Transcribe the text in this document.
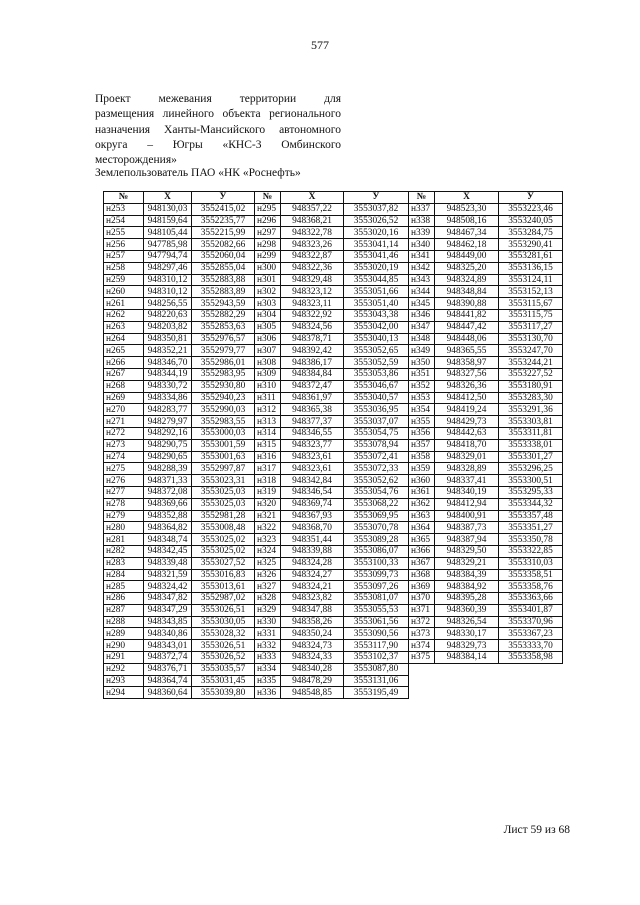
577
Проект межевания территории для
размещения линейного объекта регионального
назначения Ханты-Мансийского автономного
округа – Югры «КНС-3 Омбинского
месторождения»
Землепользователь ПАО «НК «Роснефть»
№	X	У	№	X	У	№	X	У
н253	948130,03	3552415,02	н295	948357,22	3553037,82	н337	948523,30	3553223,46
н254	948159,64	3552235,77	н296	948368,21	3553026,52	н338	948508,16	3553240,05
н255	948105,44	3552215,99	н297	948322,78	3553020,16	н339	948467,34	3553284,75
н256	947785,98	3552082,66	н298	948323,26	3553041,14	н340	948462,18	3553290,41
н257	947794,74	3552060,04	н299	948322,87	3553041,46	н341	948449,00	3553281,61
н258	948297,46	3552855,04	н300	948322,36	3553020,19	н342	948325,20	3553136,15
н259	948310,12	3552883,88	н301	948329,48	3553044,85	н343	948324,89	3553124,11
н260	948310,12	3552883,89	н302	948323,12	3553051,66	н344	948348,84	3553152,13
н261	948256,55	3552943,59	н303	948323,11	3553051,40	н345	948390,88	3553115,67
н262	948220,63	3552882,29	н304	948322,92	3553043,38	н346	948441,82	3553115,75
н263	948203,82	3552853,63	н305	948324,56	3553042,00	н347	948447,42	3553117,27
н264	948350,81	3552976,57	н306	948378,71	3553040,13	н348	948448,06	3553130,70
н265	948352,21	3552979,77	н307	948392,42	3553052,65	н349	948365,55	3553247,70
н266	948346,70	3552986,01	н308	948386,17	3553052,59	н350	948358,97	3553244,21
н267	948344,19	3552983,95	н309	948384,84	3553053,86	н351	948327,56	3553227,52
н268	948330,72	3552930,80	н310	948372,47	3553046,67	н352	948326,36	3553180,91
н269	948334,86	3552940,23	н311	948361,97	3553040,57	н353	948412,50	3553283,30
н270	948283,77	3552990,03	н312	948365,38	3553036,95	н354	948419,24	3553291,36
н271	948279,97	3552983,55	н313	948377,37	3553037,07	н355	948429,73	3553303,81
н272	948292,16	3553000,03	н314	948346,55	3553054,75	н356	948442,63	3553311,81
н273	948290,75	3553001,59	н315	948323,77	3553078,94	н357	948418,70	3553338,01
н274	948290,65	3553001,63	н316	948323,61	3553072,41	н358	948329,01	3553301,27
н275	948288,39	3552997,87	н317	948323,61	3553072,33	н359	948328,89	3553296,25
н276	948371,33	3553023,31	н318	948342,84	3553052,62	н360	948337,41	3553300,51
н277	948372,08	3553025,03	н319	948346,54	3553054,76	н361	948340,19	3553295,33
н278	948369,66	3553025,03	н320	948369,74	3553068,22	н362	948412,94	3553344,32
н279	948352,88	3552981,28	н321	948367,93	3553069,95	н363	948400,91	3553357,48
н280	948364,82	3553008,48	н322	948368,70	3553070,78	н364	948387,73	3553351,27
н281	948348,74	3553025,02	н323	948351,44	3553089,28	н365	948387,94	3553350,78
н282	948342,45	3553025,02	н324	948339,88	3553086,07	н366	948329,50	3553322,85
н283	948339,48	3553027,52	н325	948324,28	3553100,33	н367	948329,21	3553310,03
н284	948321,59	3553016,83	н326	948324,27	3553099,73	н368	948384,39	3553358,51
н285	948324,42	3553013,61	н327	948324,21	3553097,26	н369	948384,92	3553358,76
н286	948347,82	3552987,02	н328	948323,82	3553081,07	н370	948395,28	3553363,66
н287	948347,29	3553026,51	н329	948347,88	3553055,53	н371	948360,39	3553401,87
н288	948343,85	3553030,05	н330	948358,26	3553061,56	н372	948326,54	3553370,96
н289	948340,86	3553028,32	н331	948350,24	3553090,56	н373	948330,17	3553367,23
н290	948343,01	3553026,51	н332	948324,73	3553117,90	н374	948329,73	3553333,70
н291	948372,74	3553026,52	н333	948324,33	3553102,37	н375	948384,14	3553358,98
н292	948376,71	3553035,57	н334	948340,28	3553087,80			
н293	948364,74	3553031,45	н335	948478,29	3553131,06			
н294	948360,64	3553039,80	н336	948548,85	3553195,49			
Лист 59 из 68
